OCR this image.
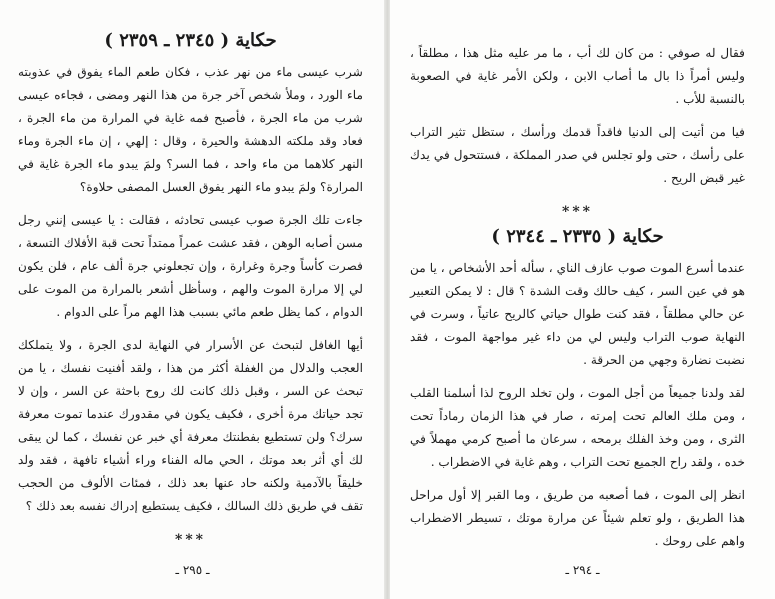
حكاية ( ٢٣٤٥ ـ ٢٣٥٩ )

شرب عيسى ماء من نهر عذب ، فكان طعم الماء يفوق في عذوبته ماء الورد ، وملأ شخص آخر جرة من هذا النهر ومضى ، فجاءه عيسى شرب من ماء الجرة ، فأصبح فمه غاية في المرارة من ماء الجرة ، فعاد وقد ملكته الدهشة والحيرة ، وقال : إلهي ، إن ماء الجرة وماء النهر كلاهما من ماء واحد ، فما السر؟ ولمَ يبدو ماء الجرة غاية في المرارة؟ ولمَ يبدو ماء النهر يفوق العسل المصفى حلاوة؟

جاءت تلك الجرة صوب عيسى تحادثه ، فقالت : يا عيسى إنني رجل مسن أصابه الوهن ، فقد عشت عمراً ممتداً تحت قبة الأفلاك التسعة ، فصرت كأساً وجرة وغرارة ، وإن تجعلوني جرة ألف عام ، فلن يكون لي إلا مرارة الموت والهم ، وسأظل أشعر بالمرارة من الموت على الدوام ، كما يظل طعم مائي بسبب هذا الهم مراً على الدوام .

أيها الغافل لتبحث عن الأسرار في النهاية لدى الجرة ، ولا يتملكك العجب والدلال من الغفلة أكثر من هذا ، ولقد أفنيت نفسك ، يا من تبحث عن السر ، وقبل ذلك كانت لك روح باحثة عن السر ، وإن لا تجد حياتك مرة أخرى ، فكيف يكون في مقدورك عندما تموت معرفة سرك؟ ولن تستطيع بفطنتك معرفة أي خبر عن نفسك ، كما لن يبقى لك أي أثر بعد موتك ، الحي ماله الفناء وراء أشياء تافهة ، فقد ولد خليقاً بالآدمية ولكنه حاد عنها بعد ذلك ، فمئات الألوف من الحجب تقف في طريق ذلك السالك ، فكيف يستطيع إدراك نفسه بعد ذلك ؟

***
ـ ٢٩٥ ـ

فقال له صوفي : من كان لك أب ، ما مر عليه مثل هذا ، مطلقاً ، وليس أمراً ذا بال ما أصاب الابن ، ولكن الأمر غاية في الصعوبة بالنسبة للأب .

فيا من أتيت إلى الدنيا فاقداً قدمك ورأسك ، ستظل تثير التراب على رأسك ، حتى ولو تجلس في صدر المملكة ، فستتحول في يدك غير قبض الريح .

***
حكاية ( ٢٣٣٥ ـ ٢٣٤٤ )

عندما أسرع الموت صوب عازف الناي ، سأله أحد الأشخاص ، يا من هو في عين السر ، كيف حالك وقت الشدة ؟ قال : لا يمكن التعبير عن حالي مطلقاً ، فقد كنت طوال حياتي كالريح عاتياً ، وسرت في النهاية صوب التراب وليس لي من داء غير مواجهة الموت ، فقد نضبت نضارة وجهي من الحرقة .

لقد ولدنا جميعاً من أجل الموت ، ولن تخلد الروح لذا أسلمنا القلب ، ومن ملك العالم تحت إمرته ، صار في هذا الزمان رماداً تحت الثرى ، ومن وخذ الفلك برمحه ، سرعان ما أصبح كرمي مهملاً في خده ، ولقد راح الجميع تحت التراب ، وهم غاية في الاضطراب .

انظر إلى الموت ، فما أصعبه من طريق ، وما القبر إلا أول مراحل هذا الطريق ، ولو تعلم شيئاً عن مرارة موتك ، تسيطر الاضطراب واهم على روحك .

ـ ٢٩٤ ـ
